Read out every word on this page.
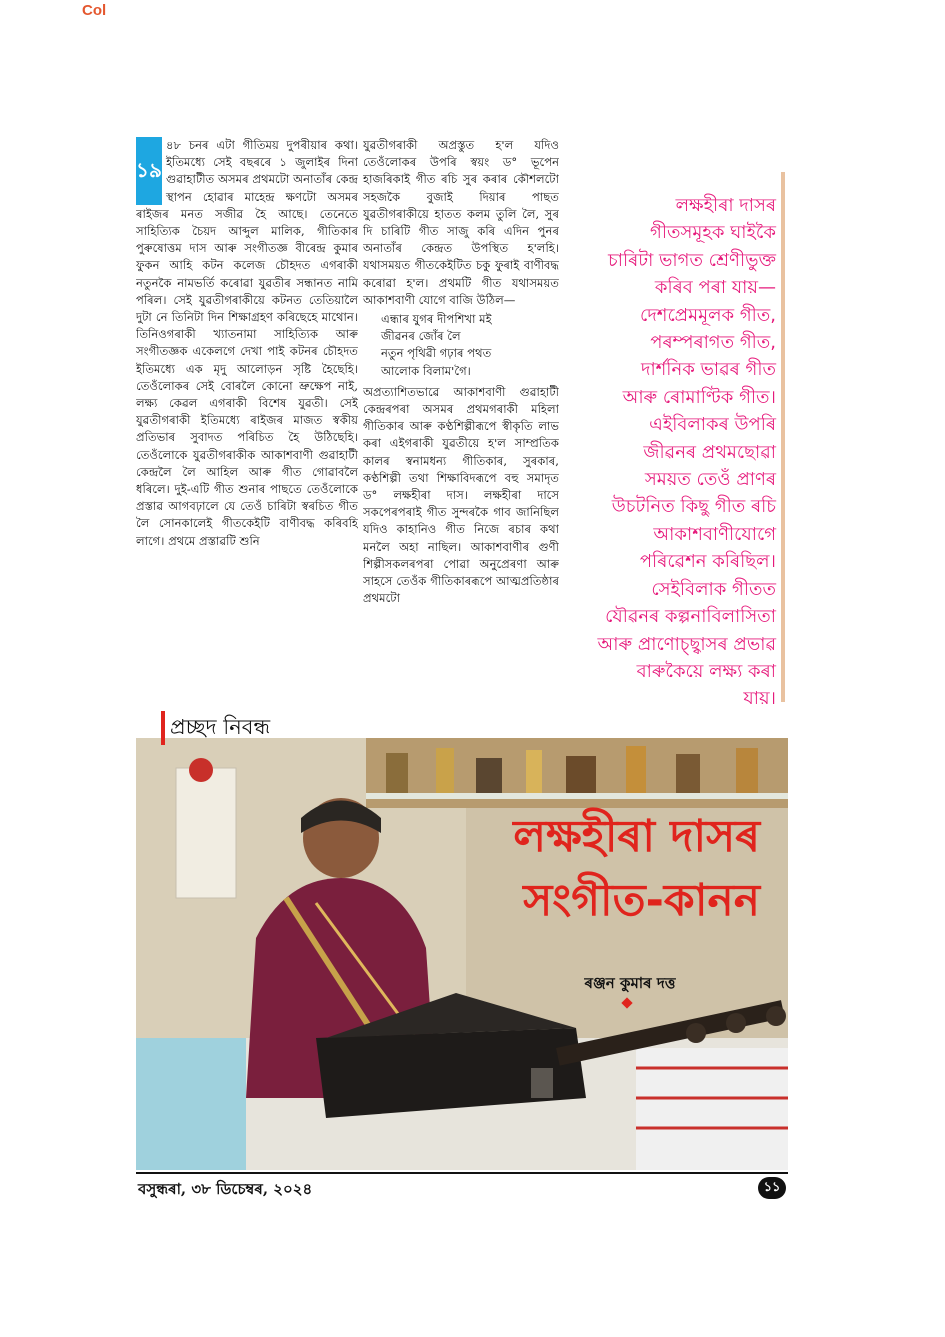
Col
১৯

৪৮ চনৰ এটা গীতিময় দুপৰীয়াৰ কথা। ইতিমধ্যে সেই বছৰৰে ১ জুলাইৰ দিনা গুৱাহাটীত অসমৰ প্ৰথমটো অনাতাঁৰ কেন্দ্ৰ স্থাপন হোৱাৰ মাহেন্দ্ৰ ক্ষণটো অসমৰ ৰাইজৰ মনত সজীৱ হৈ আছে। তেনেতে সাহিত্যিক চৈয়দ আব্দুল মালিক, গীতিকাৰ পুৰুষোত্তম দাস আৰু সংগীতজ্ঞ বীৰেন্দ্ৰ কুমাৰ ফুকন আহি কটন কলেজ চৌহদত এগৰাকী নতুনকৈ নামভৰ্তি কৰোৱা যুৱতীৰ সন্ধানত নামি পৰিল। সেই যুৱতীগৰাকীয়ে কটনত তেতিয়ালৈ দুটা নে তিনিটা দিন শিক্ষাগ্ৰহণ কৰিছেহে মাথোন। তিনিওগৰাকী খ্যাতনামা সাহিত্যিক আৰু সংগীতজ্ঞক একেলগে দেখা পাই কটনৰ চৌহদত ইতিমধ্যে এক মৃদু আলোড়ন সৃষ্টি হৈছেহি। তেওঁলোকৰ সেই বোৰলৈ কোনো ভ্ৰুক্ষেপ নাই, লক্ষ্য কেৱল এগৰাকী বিশেষ যুৱতী। সেই যুৱতীগৰাকী ইতিমধ্যে ৰাইজৰ মাজত স্বকীয় প্ৰতিভাৰ সুবাদত পৰিচিত হৈ উঠিছেহি। তেওঁলোকে যুৱতীগৰাকীক আকাশবাণী গুৱাহাটী কেন্দ্ৰলৈ লৈ আহিল আৰু গীত গোৱাবলৈ ধৰিলে। দুই-এটি গীত শুনাৰ পাছতে তেওঁলোকে প্ৰস্তাৱ আগবঢ়ালে যে তেওঁ চাৰিটা স্বৰচিত গীত লৈ সোনকালেই গীতকেইটি বাণীবদ্ধ কৰিবহি লাগে। প্ৰথমে প্ৰস্তাৱটি শুনি

যুৱতীগৰাকী অপ্ৰস্তুত হ'ল যদিও তেওঁলোকৰ উপৰি স্বয়ং ড° ভূপেন হাজৰিকাই গীত ৰচি সুৰ কৰাৰ কৌশলটো সহজকৈ বুজাই দিয়াৰ পাছত যুৱতীগৰাকীয়ে হাতত কলম তুলি লৈ, সুৰ দি চাৰিটি গীত সাজু কৰি এদিন পুনৰ অনাতাঁৰ কেন্দ্ৰত উপস্থিত হ'লহি। যথাসময়ত গীতকেইটিত চকু ফুৰাই বাণীবদ্ধ কৰোৱা হ'ল। প্ৰথমটি গীত যথাসময়ত আকাশবাণী যোগে বাজি উঠিল—

এন্ধাৰ যুগৰ দীপশিখা মই
জীৱনৰ জোঁৰ লৈ
নতুন পৃথিৱী গঢ়াৰ পথত
আলোক বিলাম'গৈ।

অপ্ৰত্যাশিতভাৱে আকাশবাণী গুৱাহাটী কেন্দ্ৰৰপৰা অসমৰ প্ৰথমগৰাকী মহিলা গীতিকাৰ আৰু কণ্ঠশিল্পীৰূপে স্বীকৃতি লাভ কৰা এইগৰাকী যুৱতীয়ে হ'ল সাম্প্ৰতিক কালৰ স্বনামধন্য গীতিকাৰ, সুৰকাৰ, কণ্ঠশিল্পী তথা শিক্ষাবিদৰূপে বহু সমাদৃত ড° লক্ষহীৰা দাস। লক্ষহীৰা দাসে সকপেৰপৰাই গীত সুন্দৰকৈ গাব জানিছিল যদিও কাহানিও গীত নিজে ৰচাৰ কথা মনলৈ অহা নাছিল। আকাশবাণীৰ গুণী শিল্পীসকলৰপৰা পোৱা অনুপ্ৰেৰণা আৰু সাহসে তেওঁক গীতিকাৰৰূপে আত্মপ্ৰতিষ্ঠাৰ প্ৰথমটো

লক্ষহীৰা দাসৰ
গীতসমূহক ঘাইকৈ
চাৰিটা ভাগত শ্ৰেণীভুক্ত
কৰিব পৰা যায়—
দেশপ্ৰেমমূলক গীত,
পৰম্পৰাগত গীত,
দাৰ্শনিক ভাৱৰ গীত
আৰু ৰোমাণ্টিক গীত।
এইবিলাকৰ উপৰি
জীৱনৰ প্ৰথমছোৱা
সময়ত তেওঁ প্ৰাণৰ
উচটনিত কিছু গীত ৰচি
আকাশবাণীযোগে
পৰিৱেশন কৰিছিল।
সেইবিলাক গীতত
যৌৱনৰ কল্পনাবিলাসিতা
আৰু প্ৰাণোচ্ছ্বাসৰ প্ৰভাৱ
বাৰুকৈয়ে লক্ষ্য কৰা
যায়।
প্ৰচ্ছদ নিবন্ধ
লক্ষহীৰা দাসৰ
সংগীত-কানন
ৰঞ্জন কুমাৰ দত্ত
বসুন্ধৰা, ৩৮ ডিচেম্বৰ, ২০২৪	১১
